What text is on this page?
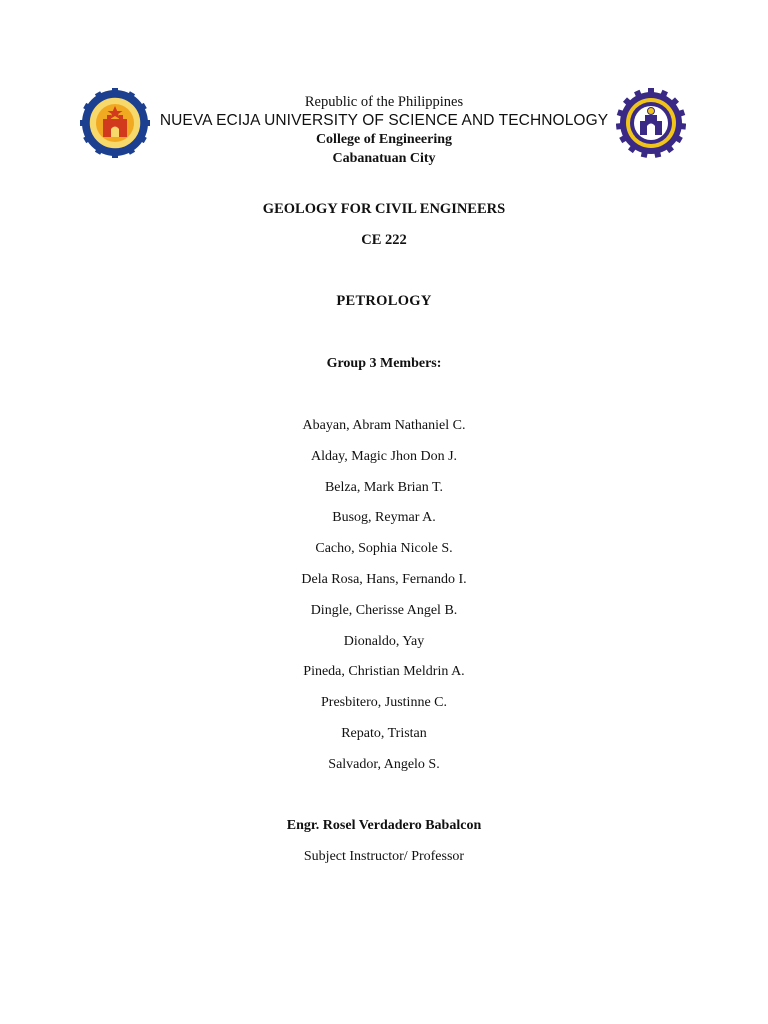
Republic of the Philippines
NUEVA ECIJA UNIVERSITY OF SCIENCE AND TECHNOLOGY
College of Engineering
Cabanatuan City
GEOLOGY FOR CIVIL ENGINEERS
CE 222
PETROLOGY
Group 3 Members:
Abayan, Abram Nathaniel C.
Alday, Magic Jhon Don J.
Belza, Mark Brian T.
Busog, Reymar A.
Cacho, Sophia Nicole S.
Dela Rosa, Hans, Fernando I.
Dingle, Cherisse Angel B.
Dionaldo, Yay
Pineda, Christian Meldrin A.
Presbitero, Justinne C.
Repato, Tristan
Salvador, Angelo S.
Engr. Rosel Verdadero Babalcon
Subject Instructor/ Professor
